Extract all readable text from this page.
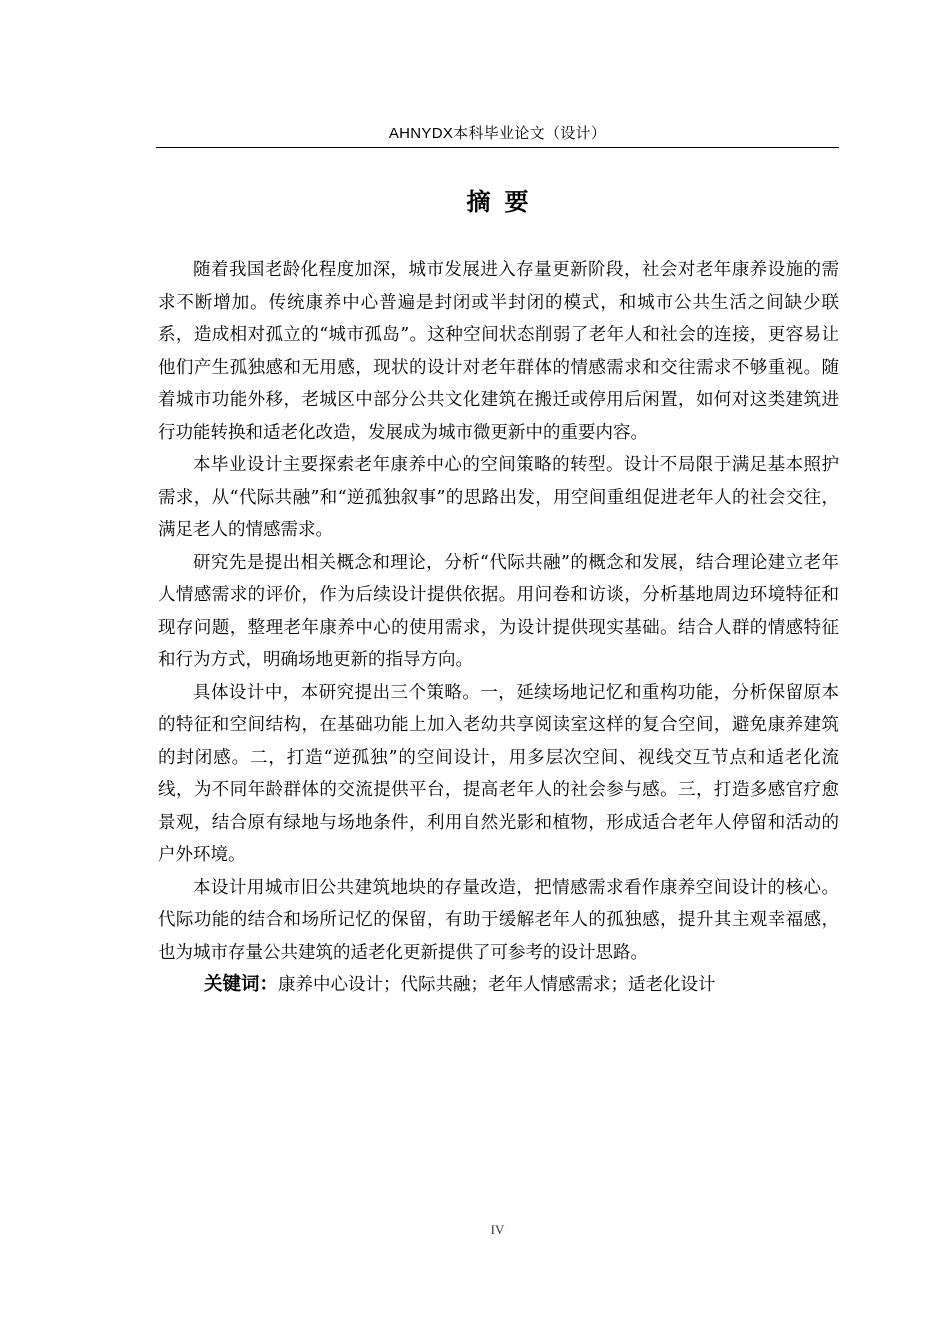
AHNYDX本科毕业论文（设计）
摘要

随着我国老龄化程度加深，城市发展进入存量更新阶段，社会对老年康养设施的需求不断增加。传统康养中心普遍是封闭或半封闭的模式，和城市公共生活之间缺少联系，造成相对孤立的“城市孤岛”。这种空间状态削弱了老年人和社会的连接，更容易让他们产生孤独感和无用感，现状的设计对老年群体的情感需求和交往需求不够重视。随着城市功能外移，老城区中部分公共文化建筑在搬迁或停用后闲置，如何对这类建筑进行功能转换和适老化改造，发展成为城市微更新中的重要内容。

本毕业设计主要探索老年康养中心的空间策略的转型。设计不局限于满足基本照护需求，从“代际共融”和“逆孤独叙事”的思路出发，用空间重组促进老年人的社会交往，满足老人的情感需求。

研究先是提出相关概念和理论，分析“代际共融”的概念和发展，结合理论建立老年人情感需求的评价，作为后续设计提供依据。用问卷和访谈，分析基地周边环境特征和现存问题，整理老年康养中心的使用需求，为设计提供现实基础。结合人群的情感特征和行为方式，明确场地更新的指导方向。

具体设计中，本研究提出三个策略。一，延续场地记忆和重构功能，分析保留原本的特征和空间结构，在基础功能上加入老幼共享阅读室这样的复合空间，避免康养建筑的封闭感。二，打造“逆孤独”的空间设计，用多层次空间、视线交互节点和适老化流线，为不同年龄群体的交流提供平台，提高老年人的社会参与感。三，打造多感官疗愈景观，结合原有绿地与场地条件，利用自然光影和植物，形成适合老年人停留和活动的户外环境。

本设计用城市旧公共建筑地块的存量改造，把情感需求看作康养空间设计的核心。代际功能的结合和场所记忆的保留，有助于缓解老年人的孤独感，提升其主观幸福感，也为城市存量公共建筑的适老化更新提供了可参考的设计思路。

关键词：康养中心设计；代际共融；老年人情感需求；适老化设计
IV
